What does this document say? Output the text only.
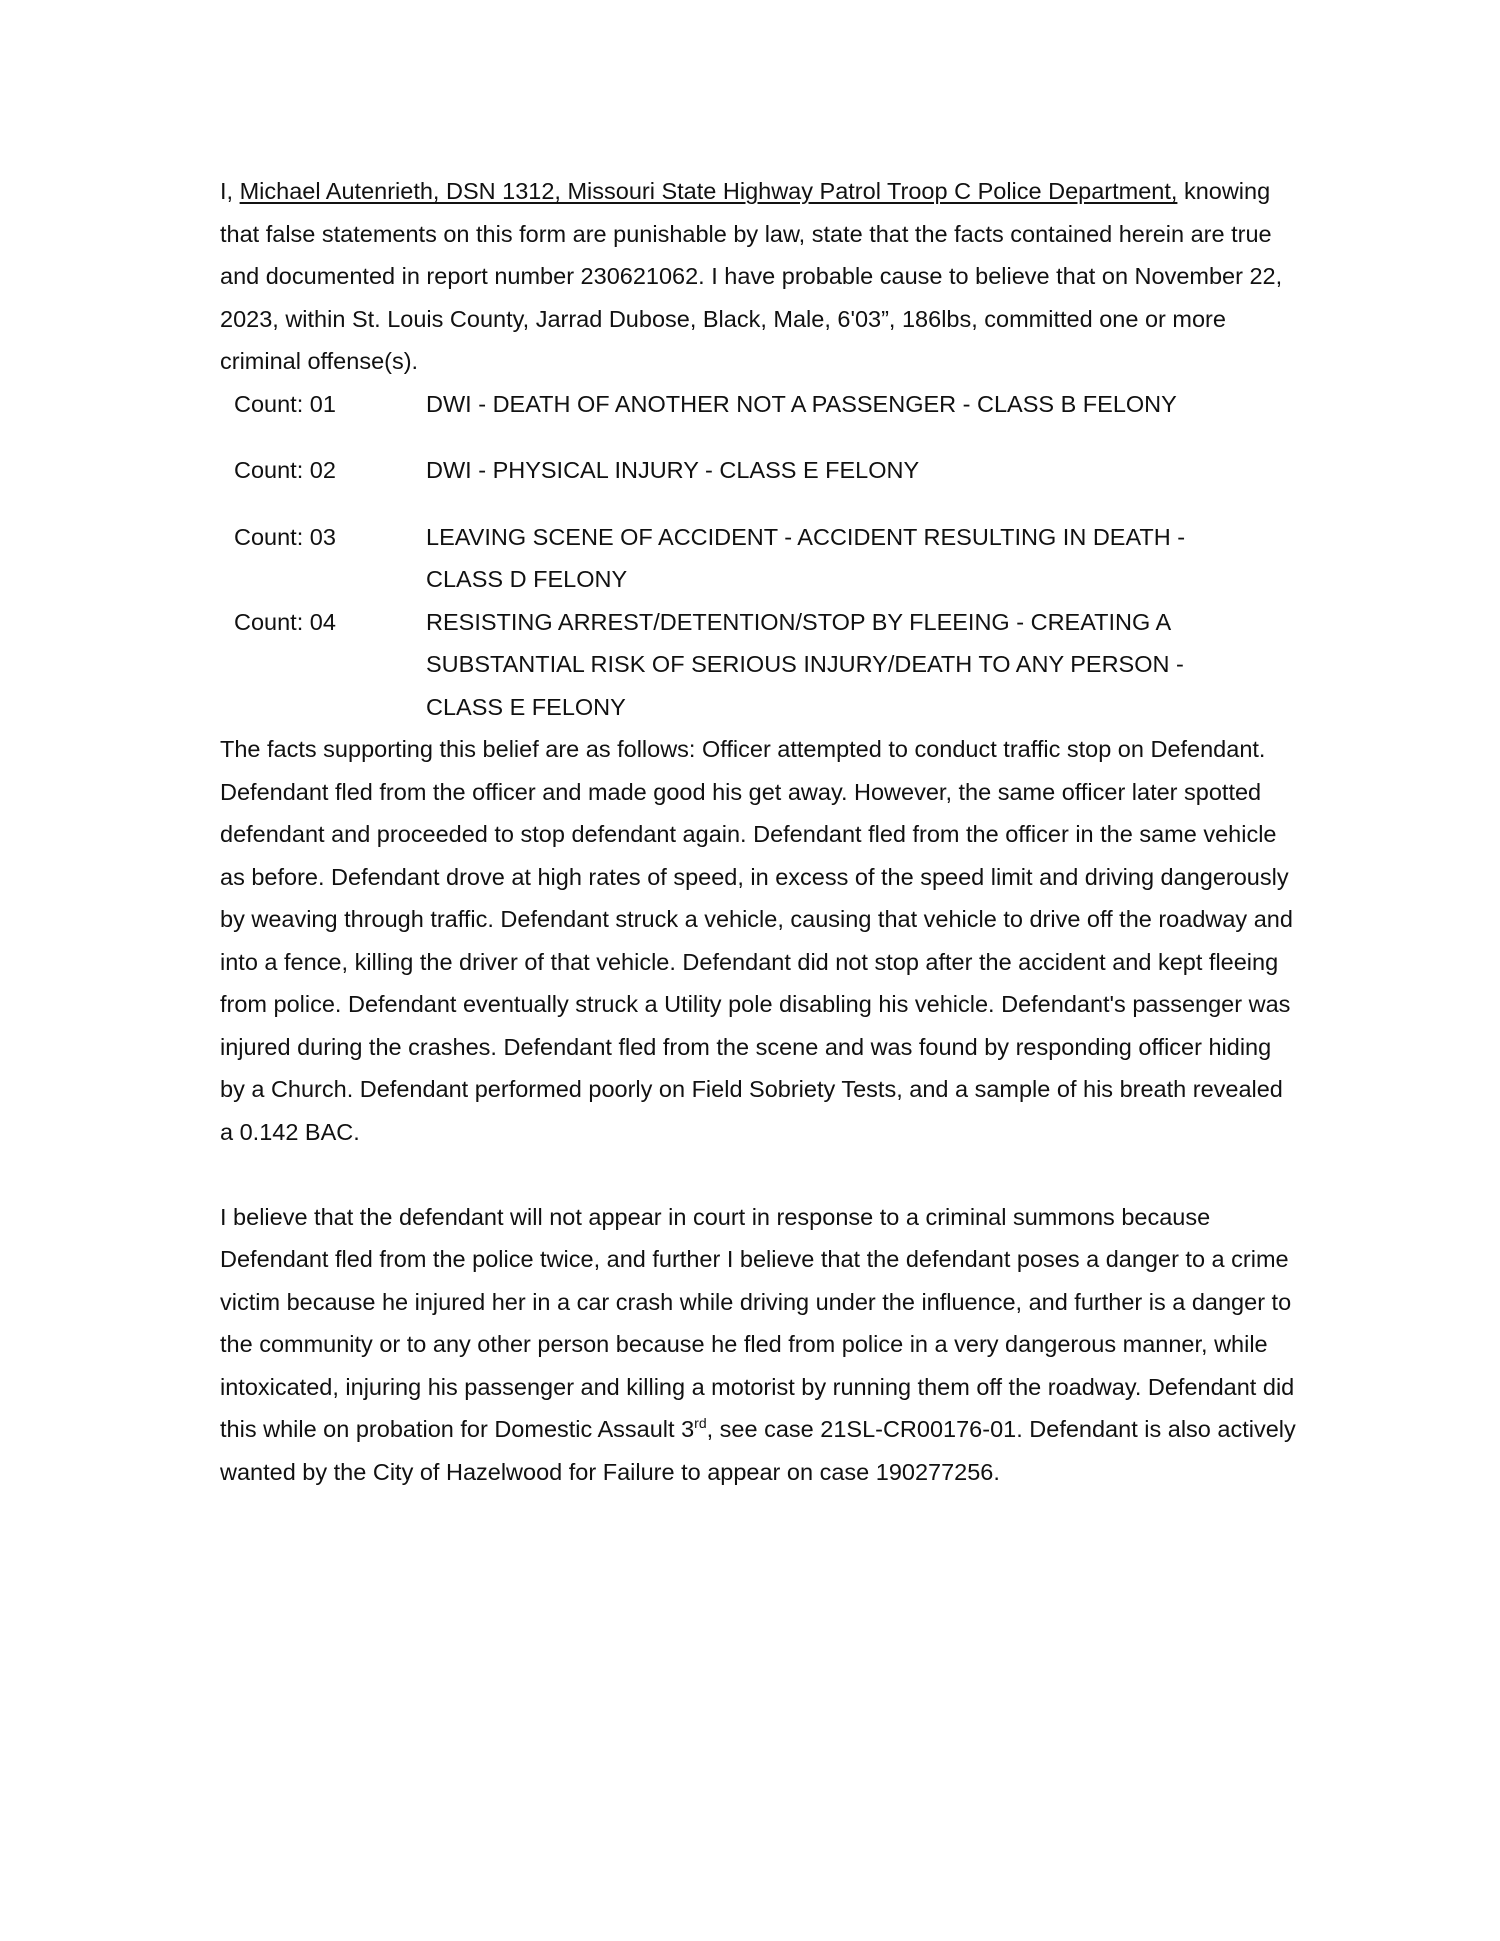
I, Michael Autenrieth, DSN 1312, Missouri State Highway Patrol Troop C Police Department, knowing that false statements on this form are punishable by law, state that the facts contained herein are true and documented in report number 230621062. I have probable cause to believe that on November 22, 2023, within St. Louis County, Jarrad Dubose, Black, Male, 6'03”, 186lbs, committed one or more criminal offense(s).

Count: 01	DWI - DEATH OF ANOTHER NOT A PASSENGER - CLASS B FELONY
Count: 02	DWI - PHYSICAL INJURY - CLASS E FELONY
Count: 03	LEAVING SCENE OF ACCIDENT - ACCIDENT RESULTING IN DEATH - CLASS D FELONY
Count: 04	RESISTING ARREST/DETENTION/STOP BY FLEEING - CREATING A SUBSTANTIAL RISK OF SERIOUS INJURY/DEATH TO ANY PERSON - CLASS E FELONY

The facts supporting this belief are as follows: Officer attempted to conduct traffic stop on Defendant. Defendant fled from the officer and made good his get away. However, the same officer later spotted defendant and proceeded to stop defendant again. Defendant fled from the officer in the same vehicle as before. Defendant drove at high rates of speed, in excess of the speed limit and driving dangerously by weaving through traffic. Defendant struck a vehicle, causing that vehicle to drive off the roadway and into a fence, killing the driver of that vehicle. Defendant did not stop after the accident and kept fleeing from police. Defendant eventually struck a Utility pole disabling his vehicle. Defendant's passenger was injured during the crashes. Defendant fled from the scene and was found by responding officer hiding by a Church. Defendant performed poorly on Field Sobriety Tests, and a sample of his breath revealed a 0.142 BAC.

I believe that the defendant will not appear in court in response to a criminal summons because Defendant fled from the police twice, and further I believe that the defendant poses a danger to a crime victim because he injured her in a car crash while driving under the influence, and further is a danger to the community or to any other person because he fled from police in a very dangerous manner, while intoxicated, injuring his passenger and killing a motorist by running them off the roadway. Defendant did this while on probation for Domestic Assault 3rd, see case 21SL-CR00176-01. Defendant is also actively wanted by the City of Hazelwood for Failure to appear on case 190277256.
